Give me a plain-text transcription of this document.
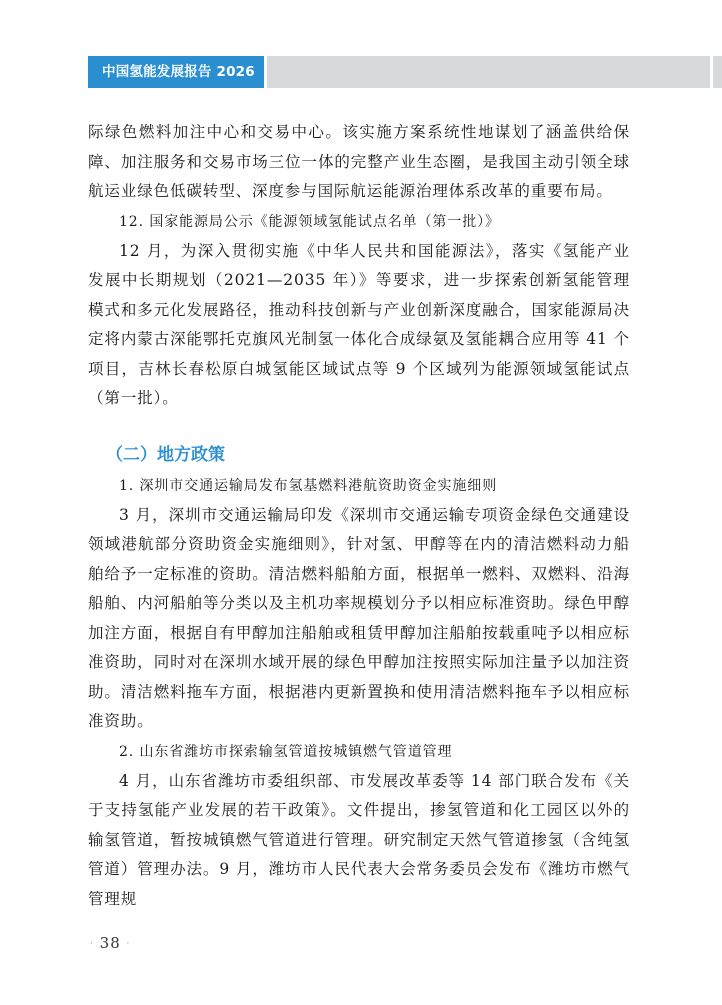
中国氢能发展报告 2026

际绿色燃料加注中心和交易中心。该实施方案系统性地谋划了涵盖供给保障、加注服务和交易市场三位一体的完整产业生态圈，是我国主动引领全球航运业绿色低碳转型、深度参与国际航运能源治理体系改革的重要布局。

12. 国家能源局公示《能源领域氢能试点名单（第一批）》

12 月，为深入贯彻实施《中华人民共和国能源法》，落实《氢能产业发展中长期规划（2021—2035 年）》等要求，进一步探索创新氢能管理模式和多元化发展路径，推动科技创新与产业创新深度融合，国家能源局决定将内蒙古深能鄂托克旗风光制氢一体化合成绿氨及氢能耦合应用等 41 个项目，吉林长春松原白城氢能区域试点等 9 个区域列为能源领域氢能试点（第一批）。

（二）地方政策

1. 深圳市交通运输局发布氢基燃料港航资助资金实施细则

3 月，深圳市交通运输局印发《深圳市交通运输专项资金绿色交通建设领域港航部分资助资金实施细则》，针对氢、甲醇等在内的清洁燃料动力船舶给予一定标准的资助。清洁燃料船舶方面，根据单一燃料、双燃料、沿海船舶、内河船舶等分类以及主机功率规模划分予以相应标准资助。绿色甲醇加注方面，根据自有甲醇加注船舶或租赁甲醇加注船舶按载重吨予以相应标准资助，同时对在深圳水域开展的绿色甲醇加注按照实际加注量予以加注资助。清洁燃料拖车方面，根据港内更新置换和使用清洁燃料拖车予以相应标准资助。

2. 山东省潍坊市探索输氢管道按城镇燃气管道管理

4 月，山东省潍坊市委组织部、市发展改革委等 14 部门联合发布《关于支持氢能产业发展的若干政策》。文件提出，掺氢管道和化工园区以外的输氢管道，暂按城镇燃气管道进行管理。研究制定天然气管道掺氢（含纯氢管道）管理办法。9 月，潍坊市人民代表大会常务委员会发布《潍坊市燃气管理规

· 38 ·
